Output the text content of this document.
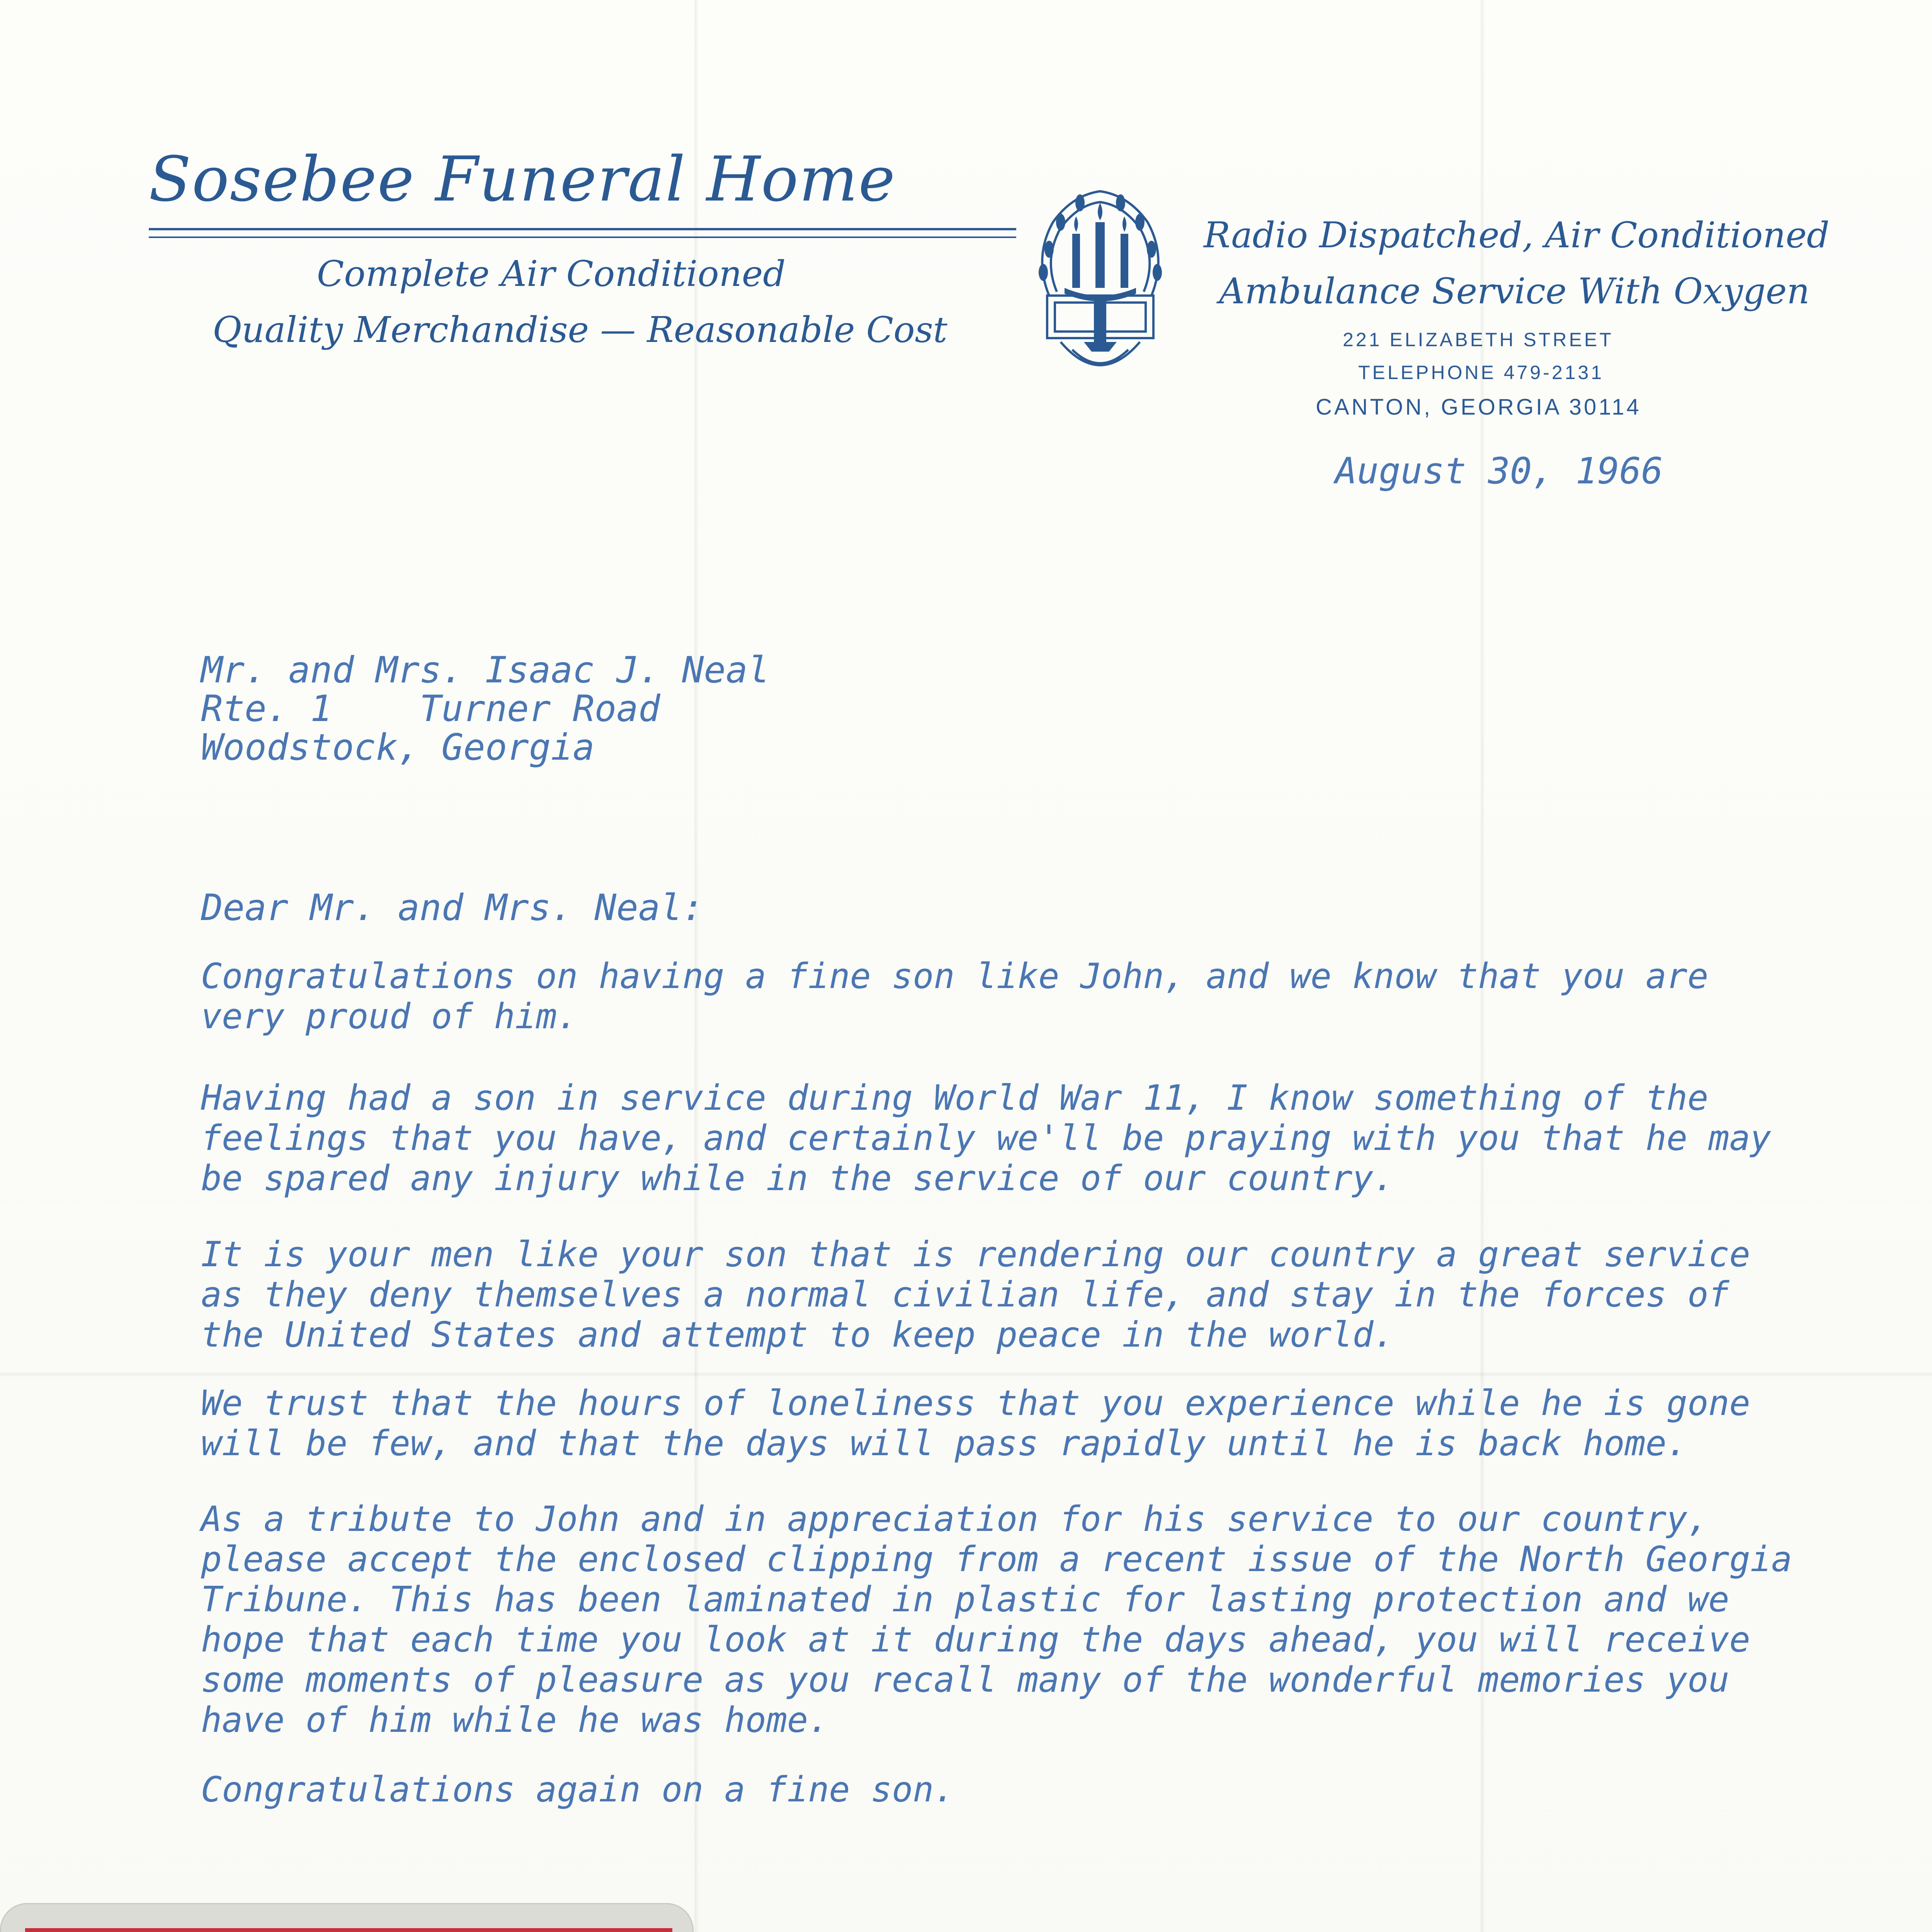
Sosebee Funeral Home
Complete Air Conditioned
Quality Merchandise — Reasonable Cost
Radio Dispatched, Air Conditioned
Ambulance Service With Oxygen
221 ELIZABETH STREET
TELEPHONE 479-2131
CANTON, GEORGIA 30114
August 30, 1966
Mr. and Mrs. Isaac J. Neal
Rte. 1    Turner Road
Woodstock, Georgia
Dear Mr. and Mrs. Neal:
Congratulations on having a fine son like John, and we know that you are very proud of him.
Having had a son in service during World War 11, I know something of the feelings that you have, and certainly we'll be praying with you that he may be spared any injury while in the service of our country.
It is your men like your son that is rendering our country a great service as they deny themselves a normal civilian life, and stay in the forces of the United States and attempt to keep peace in the world.
We trust that the hours of loneliness that you experience while he is gone will be few, and that the days will pass rapidly until he is back home.
As a tribute to John and in appreciation for his service to our country, please accept the enclosed clipping from a recent issue of the North Georgia Tribune. This has been laminated in plastic for lasting protection and we hope that each time you look at it during the days ahead, you will receive some moments of pleasure as you recall many of the wonderful memories you have of him while he was home.
Congratulations again on a fine son.
